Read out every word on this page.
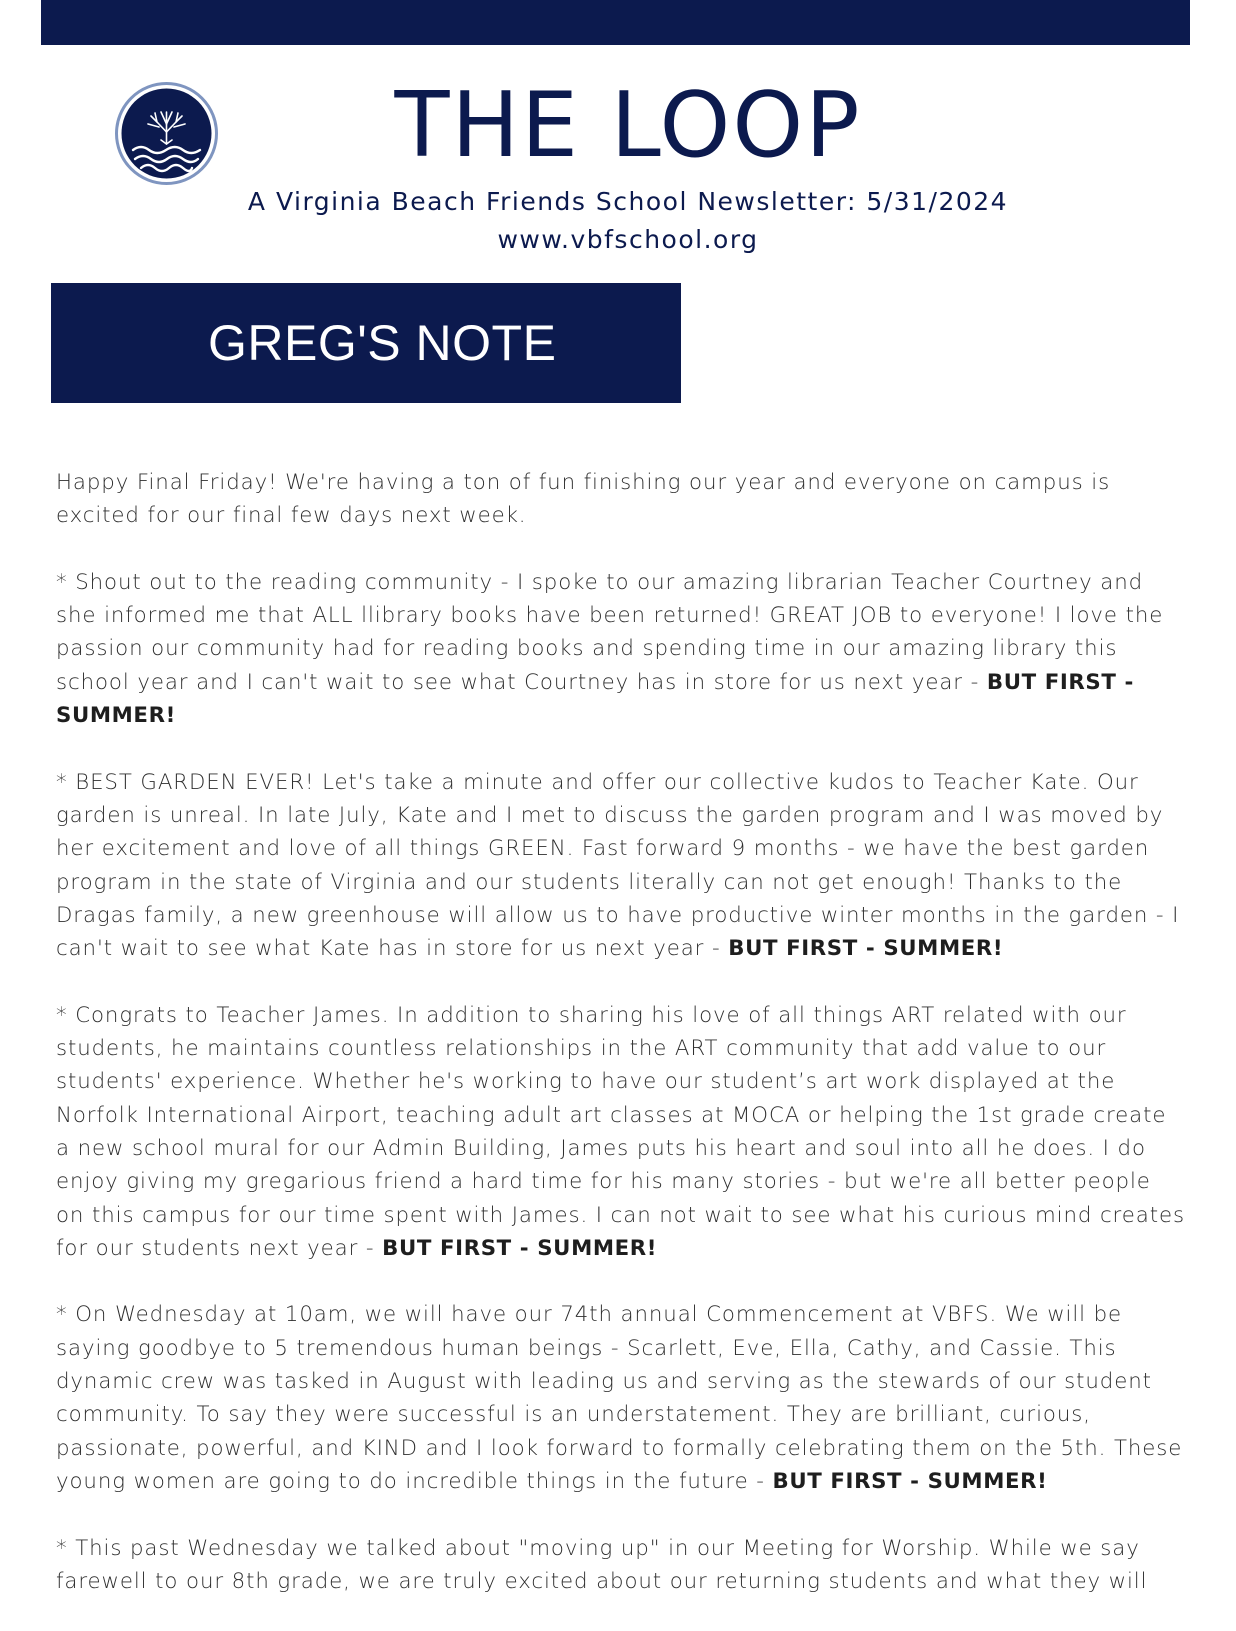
THE LOOP
A Virginia Beach Friends School Newsletter: 5/31/2024
www.vbfschool.org
GREG'S NOTE

Happy Final Friday! We're having a ton of fun finishing our year and everyone on campus is excited for our final few days next week.

* Shout out to the reading community - I spoke to our amazing librarian Teacher Courtney and she informed me that ALL llibrary books have been returned! GREAT JOB to everyone! I love the passion our community had for reading books and spending time in our amazing library this school year and I can't wait to see what Courtney has in store for us next year - BUT FIRST - SUMMER!

* BEST GARDEN EVER! Let's take a minute and offer our collective kudos to Teacher Kate. Our garden is unreal. In late July, Kate and I met to discuss the garden program and I was moved by her excitement and love of all things GREEN. Fast forward 9 months - we have the best garden program in the state of Virginia and our students literally can not get enough! Thanks to the Dragas family, a new greenhouse will allow us to have productive winter months in the garden - I can't wait to see what Kate has in store for us next year - BUT FIRST - SUMMER!

* Congrats to Teacher James. In addition to sharing his love of all things ART related with our students, he maintains countless relationships in the ART community that add value to our students' experience. Whether he's working to have our student’s art work displayed at the Norfolk International Airport, teaching adult art classes at MOCA or helping the 1st grade create a new school mural for our Admin Building, James puts his heart and soul into all he does. I do enjoy giving my gregarious friend a hard time for his many stories - but we're all better people on this campus for our time spent with James. I can not wait to see what his curious mind creates for our students next year - BUT FIRST - SUMMER!

* On Wednesday at 10am, we will have our 74th annual Commencement at VBFS. We will be saying goodbye to 5 tremendous human beings - Scarlett, Eve, Ella, Cathy, and Cassie. This dynamic crew was tasked in August with leading us and serving as the stewards of our student community. To say they were successful is an understatement. They are brilliant, curious, passionate, powerful, and KIND and I look forward to formally celebrating them on the 5th. These young women are going to do incredible things in the future - BUT FIRST - SUMMER!

* This past Wednesday we talked about "moving up" in our Meeting for Worship. While we say farewell to our 8th grade, we are truly excited about our returning students and what they will
